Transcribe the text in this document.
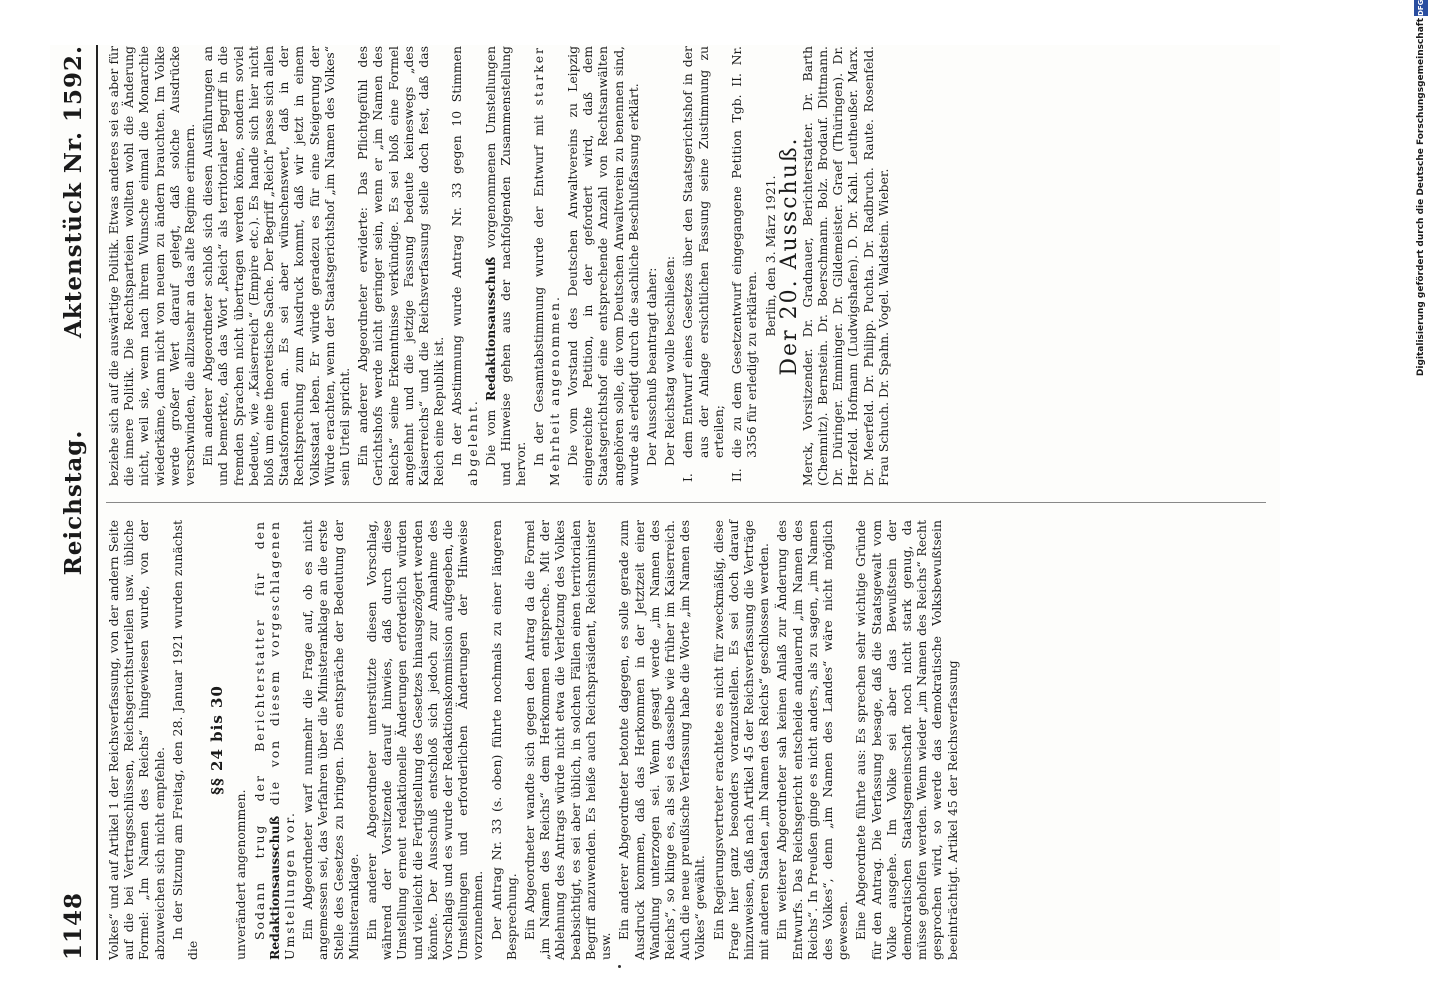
1148
Reichstag.
Aktenstück Nr. 1592.

Volkes“ und auf Artikel 1 der Reichsverfassung, von der andern Seite auf die bei Vertragsschlüssen, Reichsgerichtsurteilen usw. übliche Formel: „Im Namen des Reichs“ hingewiesen wurde, von der abzuweichen sich nicht empfehle. In der Sitzung am Freitag, den 28. Januar 1921 wurden zunächst die

§§ 24 bis 30

unverändert angenommen. Sodann trug der Berichterstatter für den Redaktionsausschuß die von diesem vorgeschlagenen Umstellungen vor. Ein Abgeordneter warf nunmehr die Frage auf, ob es nicht angemessen sei, das Verfahren über die Ministeranklage an die erste Stelle des Gesetzes zu bringen. Dies entspräche der Bedeutung der Ministeranklage. Ein anderer Abgeordneter unterstützte diesen Vorschlag, während der Vorsitzende darauf hinwies, daß durch diese Umstellung erneut redaktionelle Änderungen erforderlich würden und vielleicht die Fertigstellung des Gesetzes hinausgezögert werden könnte. Der Ausschuß entschloß sich jedoch zur Annahme des Vorschlags und es wurde der Redaktionskommission aufgegeben, die Umstellungen und erforderlichen Änderungen der Hinweise vorzunehmen. Der Antrag Nr. 33 (s. oben) führte nochmals zu einer längeren Besprechung. Ein Abgeordneter wandte sich gegen den Antrag da die Formel „im Namen des Reichs“ dem Herkommen entspreche. Mit der Ablehnung des Antrags würde nicht etwa die Verletzung des Volkes beabsichtigt, es sei aber üblich, in solchen Fällen einen territorialen Begriff anzuwenden. Es heiße auch Reichspräsident, Reichsminister usw.

Ein anderer Abgeordneter betonte dagegen, es solle gerade zum Ausdruck kommen, daß das Herkommen in der Jetztzeit einer Wandlung unterzogen sei. Wenn gesagt werde „im Namen des Reichs“, so klinge es, als sei es dasselbe wie früher im Kaiserreich. Auch die neue preußische Verfassung habe die Worte „im Namen des Volkes“ gewählt. Ein Regierungsvertreter erachtete es nicht für zweckmäßig, diese Frage hier ganz besonders voranzustellen. Es sei doch darauf hinzuweisen, daß nach Artikel 45 der Reichsverfassung die Verträge mit anderen Staaten „im Namen des Reichs“ geschlossen werden. Ein weiterer Abgeordneter sah keinen Anlaß zur Änderung des Entwurfs. Das Reichsgericht entscheide andauernd „im Namen des Reichs“. In Preußen ginge es nicht anders, als zu sagen, „im Namen des Volkes“, denn „im Namen des Landes“ wäre nicht möglich gewesen. Eine Abgeordnete führte aus: Es sprechen sehr wichtige Gründe für den Antrag. Die Verfassung besage, daß die Staatsgewalt vom Volke ausgehe. Im Volke sei aber das Bewußtsein der demokratischen Staatsgemeinschaft noch nicht stark genug, da müsse geholfen werden. Wenn wieder „im Namen des Reichs“ Recht gesprochen wird, so werde das demokratische Volksbewußtsein beeinträchtigt. Artikel 45 der Reichsverfassung

beziehe sich auf die auswärtige Politik. Etwas anderes sei es aber für die innere Politik. Die Rechtsparteien wollten wohl die Änderung nicht, weil sie, wenn nach ihrem Wunsche einmal die Monarchie wiederkäme, dann nicht von neuem zu ändern brauchten. Im Volke werde großer Wert darauf gelegt, daß solche Ausdrücke verschwinden, die allzusehr an das alte Regime erinnern. Ein anderer Abgeordneter schloß sich diesen Ausführungen an und bemerkte, daß das Wort „Reich“ als territorialer Begriff in die fremden Sprachen nicht übertragen werden könne, sondern soviel bedeute, wie „Kaiserreich“ (Empire etc.). Es handle sich hier nicht bloß um eine theoretische Sache. Der Begriff „Reich“ passe sich allen Staatsformen an. Es sei aber wünschenswert, daß in der Rechtsprechung zum Ausdruck kommt, daß wir jetzt in einem Volksstaat leben. Er würde geradezu es für eine Steigerung der Würde erachten, wenn der Staatsgerichtshof „im Namen des Volkes“ sein Urteil spricht. Ein anderer Abgeordneter erwiderte: Das Pflichtgefühl des Gerichtshofs werde nicht geringer sein, wenn er „im Namen des Reichs“ seine Erkenntnisse verkündige. Es sei bloß eine Formel angelehnt und die jetzige Fassung bedeute keineswegs „des Kaiserreichs“ und die Reichsverfassung stelle doch fest, daß das Reich eine Republik ist. In der Abstimmung wurde Antrag Nr. 33 gegen 10 Stimmen abgelehnt. Die vom Redaktionsausschuß vorgenommenen Umstellungen und Hinweise gehen aus der nachfolgenden Zusammenstellung hervor. In der Gesamtabstimmung wurde der Entwurf mit starker Mehrheit angenommen. Die vom Vorstand des Deutschen Anwaltvereins zu Leipzig eingereichte Petition, in der gefordert wird, daß dem Staatsgerichtshof eine entsprechende Anzahl von Rechtsanwälten angehören solle, die vom Deutschen Anwaltverein zu benennen sind, wurde als erledigt durch die sachliche Beschlußfassung erklärt. Der Ausschuß beantragt daher: Der Reichstag wolle beschließen:

I.
dem Entwurf eines Gesetzes über den Staatsgerichtshof in der aus der Anlage ersichtlichen Fassung seine Zustimmung zu erteilen;
II.
die zu dem Gesetzentwurf eingegangene Petition Tgb. II. Nr. 3356 für erledigt zu erklären.

Berlin, den 3. März 1921.

Der 20. Ausschuß.

Merck, Vorsitzender. Dr. Gradnauer, Berichterstatter. Dr. Barth (Chemnitz). Bernstein. Dr. Boerschmann. Bolz. Brodauf. Dittmann. Dr. Düringer. Emminger. Dr. Gildemeister. Graef (Thüringen). Dr. Herzfeld. Hofmann (Ludwigshafen). D. Dr. Kahl. Leutheußer. Marx. Dr. Meerfeld. Dr. Philipp. Puchta. Dr. Radbruch. Raute. Rosenfeld. Frau Schuch. Dr. Spahn. Vogel. Waldstein. Wieber.	Digitalisierung gefördert durch die Deutsche Forschungsgemeinschaft
DFG
